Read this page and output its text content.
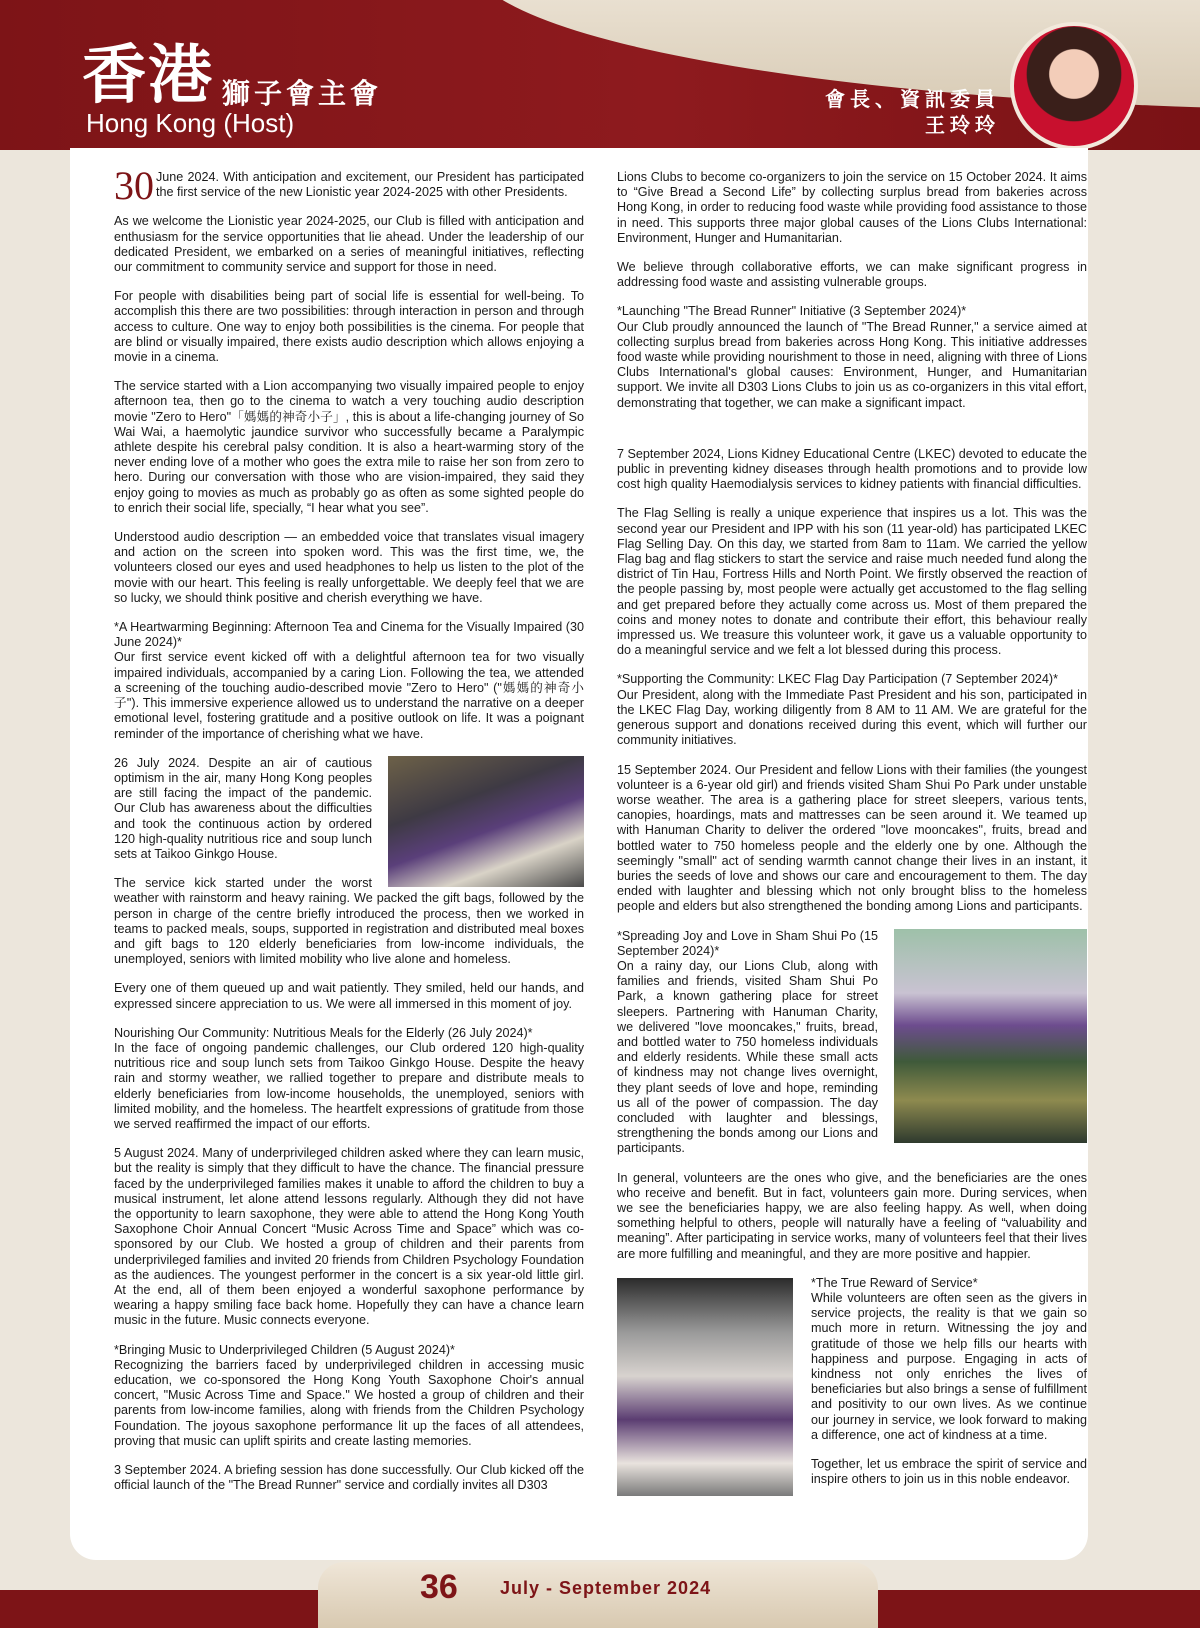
香港 獅子會主會
Hong Kong (Host)
會長、資訊委員
王玲玲

30 June 2024. With anticipation and excitement, our President has participated the first service of the new Lionistic year 2024-2025 with other Presidents.

As we welcome the Lionistic year 2024-2025, our Club is filled with anticipation and enthusiasm for the service opportunities that lie ahead. Under the leadership of our dedicated President, we embarked on a series of meaningful initiatives, reflecting our commitment to community service and support for those in need.

For people with disabilities being part of social life is essential for well-being. To accomplish this there are two possibilities: through interaction in person and through access to culture. One way to enjoy both possibilities is the cinema. For people that are blind or visually impaired, there exists audio description which allows enjoying a movie in a cinema.

The service started with a Lion accompanying two visually impaired people to enjoy afternoon tea, then go to the cinema to watch a very touching audio description movie "Zero to Hero"「媽媽的神奇小子」, this is about a life-changing journey of So Wai Wai, a haemolytic jaundice survivor who successfully became a Paralympic athlete despite his cerebral palsy condition. It is also a heart-warming story of the never ending love of a mother who goes the extra mile to raise her son from zero to hero. During our conversation with those who are vision-impaired, they said they enjoy going to movies as much as probably go as often as some sighted people do to enrich their social life, specially, “I hear what you see”.

Understood audio description — an embedded voice that translates visual imagery and action on the screen into spoken word. This was the first time, we, the volunteers closed our eyes and used headphones to help us listen to the plot of the movie with our heart. This feeling is really unforgettable. We deeply feel that we are so lucky, we should think positive and cherish everything we have.

*A Heartwarming Beginning: Afternoon Tea and Cinema for the Visually Impaired (30 June 2024)*
Our first service event kicked off with a delightful afternoon tea for two visually impaired individuals, accompanied by a caring Lion. Following the tea, we attended a screening of the touching audio-described movie "Zero to Hero" ("媽媽的神奇小子"). This immersive experience allowed us to understand the narrative on a deeper emotional level, fostering gratitude and a positive outlook on life. It was a poignant reminder of the importance of cherishing what we have.

26 July 2024. Despite an air of cautious optimism in the air, many Hong Kong peoples are still facing the impact of the pandemic. Our Club has awareness about the difficulties and took the continuous action by ordered 120 high-quality nutritious rice and soup lunch sets at Taikoo Ginkgo House.

The service kick started under the worst weather with rainstorm and heavy raining. We packed the gift bags, followed by the person in charge of the centre briefly introduced the process, then we worked in teams to packed meals, soups, supported in registration and distributed meal boxes and gift bags to 120 elderly beneficiaries from low-income individuals, the unemployed, seniors with limited mobility who live alone and homeless.

Every one of them queued up and wait patiently. They smiled, held our hands, and expressed sincere appreciation to us. We were all immersed in this moment of joy.

Nourishing Our Community: Nutritious Meals for the Elderly (26 July 2024)*
In the face of ongoing pandemic challenges, our Club ordered 120 high-quality nutritious rice and soup lunch sets from Taikoo Ginkgo House. Despite the heavy rain and stormy weather, we rallied together to prepare and distribute meals to elderly beneficiaries from low-income households, the unemployed, seniors with limited mobility, and the homeless. The heartfelt expressions of gratitude from those we served reaffirmed the impact of our efforts.

5 August 2024. Many of underprivileged children asked where they can learn music, but the reality is simply that they difficult to have the chance. The financial pressure faced by the underprivileged families makes it unable to afford the children to buy a musical instrument, let alone attend lessons regularly. Although they did not have the opportunity to learn saxophone, they were able to attend the Hong Kong Youth Saxophone Choir Annual Concert “Music Across Time and Space” which was co-sponsored by our Club. We hosted a group of children and their parents from underprivileged families and invited 20 friends from Children Psychology Foundation as the audiences. The youngest performer in the concert is a six year-old little girl. At the end, all of them been enjoyed a wonderful saxophone performance by wearing a happy smiling face back home. Hopefully they can have a chance learn music in the future. Music connects everyone.

*Bringing Music to Underprivileged Children (5 August 2024)*
Recognizing the barriers faced by underprivileged children in accessing music education, we co-sponsored the Hong Kong Youth Saxophone Choir's annual concert, "Music Across Time and Space." We hosted a group of children and their parents from low-income families, along with friends from the Children Psychology Foundation. The joyous saxophone performance lit up the faces of all attendees, proving that music can uplift spirits and create lasting memories.

3 September 2024. A briefing session has done successfully. Our Club kicked off the official launch of the "The Bread Runner" service and cordially invites all D303

Lions Clubs to become co-organizers to join the service on 15 October 2024. It aims to “Give Bread a Second Life” by collecting surplus bread from bakeries across Hong Kong, in order to reducing food waste while providing food assistance to those in need. This supports three major global causes of the Lions Clubs International: Environment, Hunger and Humanitarian.

We believe through collaborative efforts, we can make significant progress in addressing food waste and assisting vulnerable groups.

*Launching "The Bread Runner" Initiative (3 September 2024)*
Our Club proudly announced the launch of "The Bread Runner," a service aimed at collecting surplus bread from bakeries across Hong Kong. This initiative addresses food waste while providing nourishment to those in need, aligning with three of Lions Clubs International's global causes: Environment, Hunger, and Humanitarian support. We invite all D303 Lions Clubs to join us as co-organizers in this vital effort, demonstrating that together, we can make a significant impact.

7 September 2024, Lions Kidney Educational Centre (LKEC) devoted to educate the public in preventing kidney diseases through health promotions and to provide low cost high quality Haemodialysis services to kidney patients with financial difficulties.

The Flag Selling is really a unique experience that inspires us a lot. This was the second year our President and IPP with his son (11 year-old) has participated LKEC Flag Selling Day. On this day, we started from 8am to 11am. We carried the yellow Flag bag and flag stickers to start the service and raise much needed fund along the district of Tin Hau, Fortress Hills and North Point. We firstly observed the reaction of the people passing by, most people were actually get accustomed to the flag selling and get prepared before they actually come across us. Most of them prepared the coins and money notes to donate and contribute their effort, this behaviour really impressed us. We treasure this volunteer work, it gave us a valuable opportunity to do a meaningful service and we felt a lot blessed during this process.

*Supporting the Community: LKEC Flag Day Participation (7 September 2024)*
Our President, along with the Immediate Past President and his son, participated in the LKEC Flag Day, working diligently from 8 AM to 11 AM. We are grateful for the generous support and donations received during this event, which will further our community initiatives.

15 September 2024. Our President and fellow Lions with their families (the youngest volunteer is a 6-year old girl) and friends visited Sham Shui Po Park under unstable worse weather. The area is a gathering place for street sleepers, various tents, canopies, hoardings, mats and mattresses can be seen around it. We teamed up with Hanuman Charity to deliver the ordered "love mooncakes", fruits, bread and bottled water to 750 homeless people and the elderly one by one. Although the seemingly "small" act of sending warmth cannot change their lives in an instant, it buries the seeds of love and shows our care and encouragement to them. The day ended with laughter and blessing which not only brought bliss to the homeless people and elders but also strengthened the bonding among Lions and participants.

*Spreading Joy and Love in Sham Shui Po (15 September 2024)*
On a rainy day, our Lions Club, along with families and friends, visited Sham Shui Po Park, a known gathering place for street sleepers. Partnering with Hanuman Charity, we delivered "love mooncakes," fruits, bread, and bottled water to 750 homeless individuals and elderly residents. While these small acts of kindness may not change lives overnight, they plant seeds of love and hope, reminding us all of the power of compassion. The day concluded with laughter and blessings, strengthening the bonds among our Lions and participants.

In general, volunteers are the ones who give, and the beneficiaries are the ones who receive and benefit. But in fact, volunteers gain more. During services, when we see the beneficiaries happy, we are also feeling happy. As well, when doing something helpful to others, people will naturally have a feeling of “valuability and meaning”. After participating in service works, many of volunteers feel that their lives are more fulfilling and meaningful, and they are more positive and happier.

*The True Reward of Service*
While volunteers are often seen as the givers in service projects, the reality is that we gain so much more in return. Witnessing the joy and gratitude of those we help fills our hearts with happiness and purpose. Engaging in acts of kindness not only enriches the lives of beneficiaries but also brings a sense of fulfillment and positivity to our own lives. As we continue our journey in service, we look forward to making a difference, one act of kindness at a time.

Together, let us embrace the spirit of service and inspire others to join us in this noble endeavor.

36 July - September 2024
